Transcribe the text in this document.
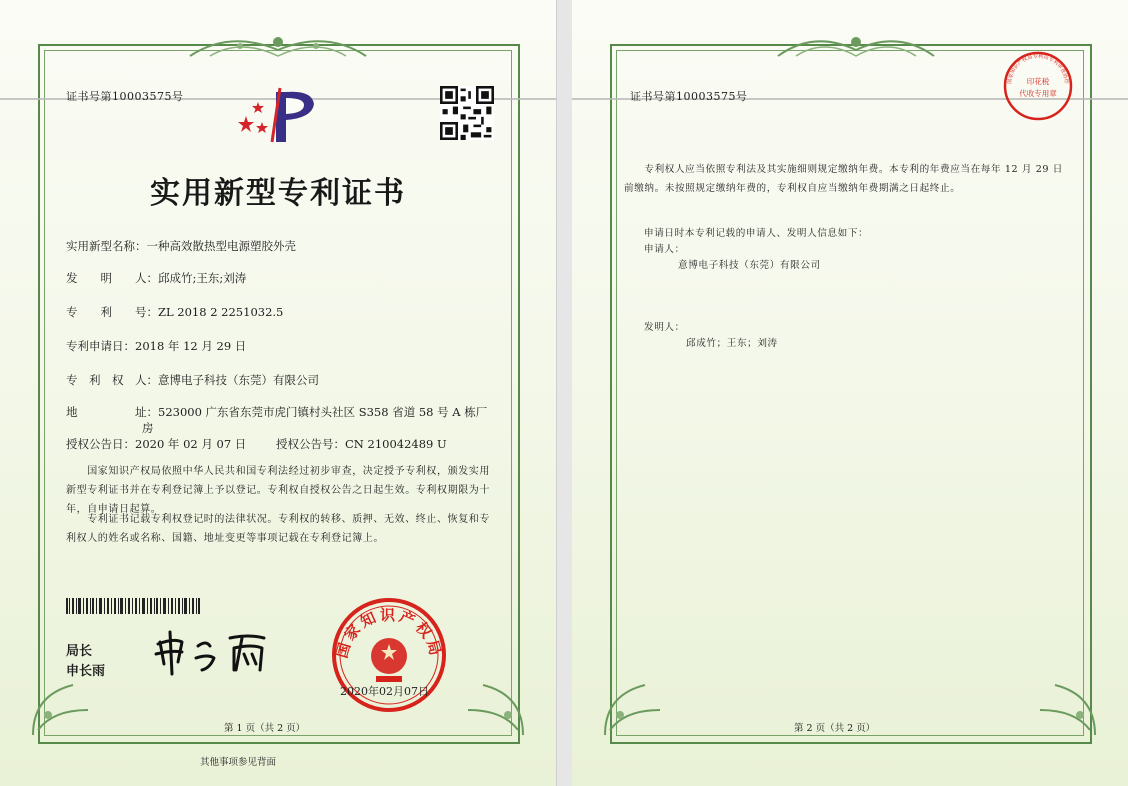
证书号第10003575号
实用新型专利证书
实用新型名称：一种高效散热型电源塑胶外壳
发　　明　　人：邱成竹;王东;刘涛
专　　利　　号：ZL 2018 2 2251032.5
专利申请日：2018 年 12 月 29 日
专　利　权　人：意博电子科技（东莞）有限公司
地　　　　　址：523000 广东省东莞市虎门镇村头社区 S358 省道 58 号 A 栋厂
房
授权公告日：2020 年 02 月 07 日	授权公告号：CN 210042489 U
　　国家知识产权局依照中华人民共和国专利法经过初步审查，决定授予专利权，颁发实用
新型专利证书并在专利登记簿上予以登记。专利权自授权公告之日起生效。专利权期限为十
年，自申请日起算。
　　专利证书记载专利权登记时的法律状况。专利权的转移、质押、无效、终止、恢复和专
利权人的姓名或名称、国籍、地址变更等事项记载在专利登记簿上。
局长
申长雨
国家知识产权局
2020年02月07日
第 1 页（共 2 页）
其他事项参见背面
证书号第10003575号
　　专利权人应当依照专利法及其实施细则规定缴纳年费。本专利的年费应当在每年 12 月 29 日
前缴纳。未按照规定缴纳年费的，专利权自应当缴纳年费期满之日起终止。
申请日时本专利记载的申请人、发明人信息如下：
申请人：
意博电子科技（东莞）有限公司
发明人：
邱成竹；王东；刘涛
第 2 页（共 2 页）
印花税
代收专用章
国家知识产权局专利局专利审查协作
